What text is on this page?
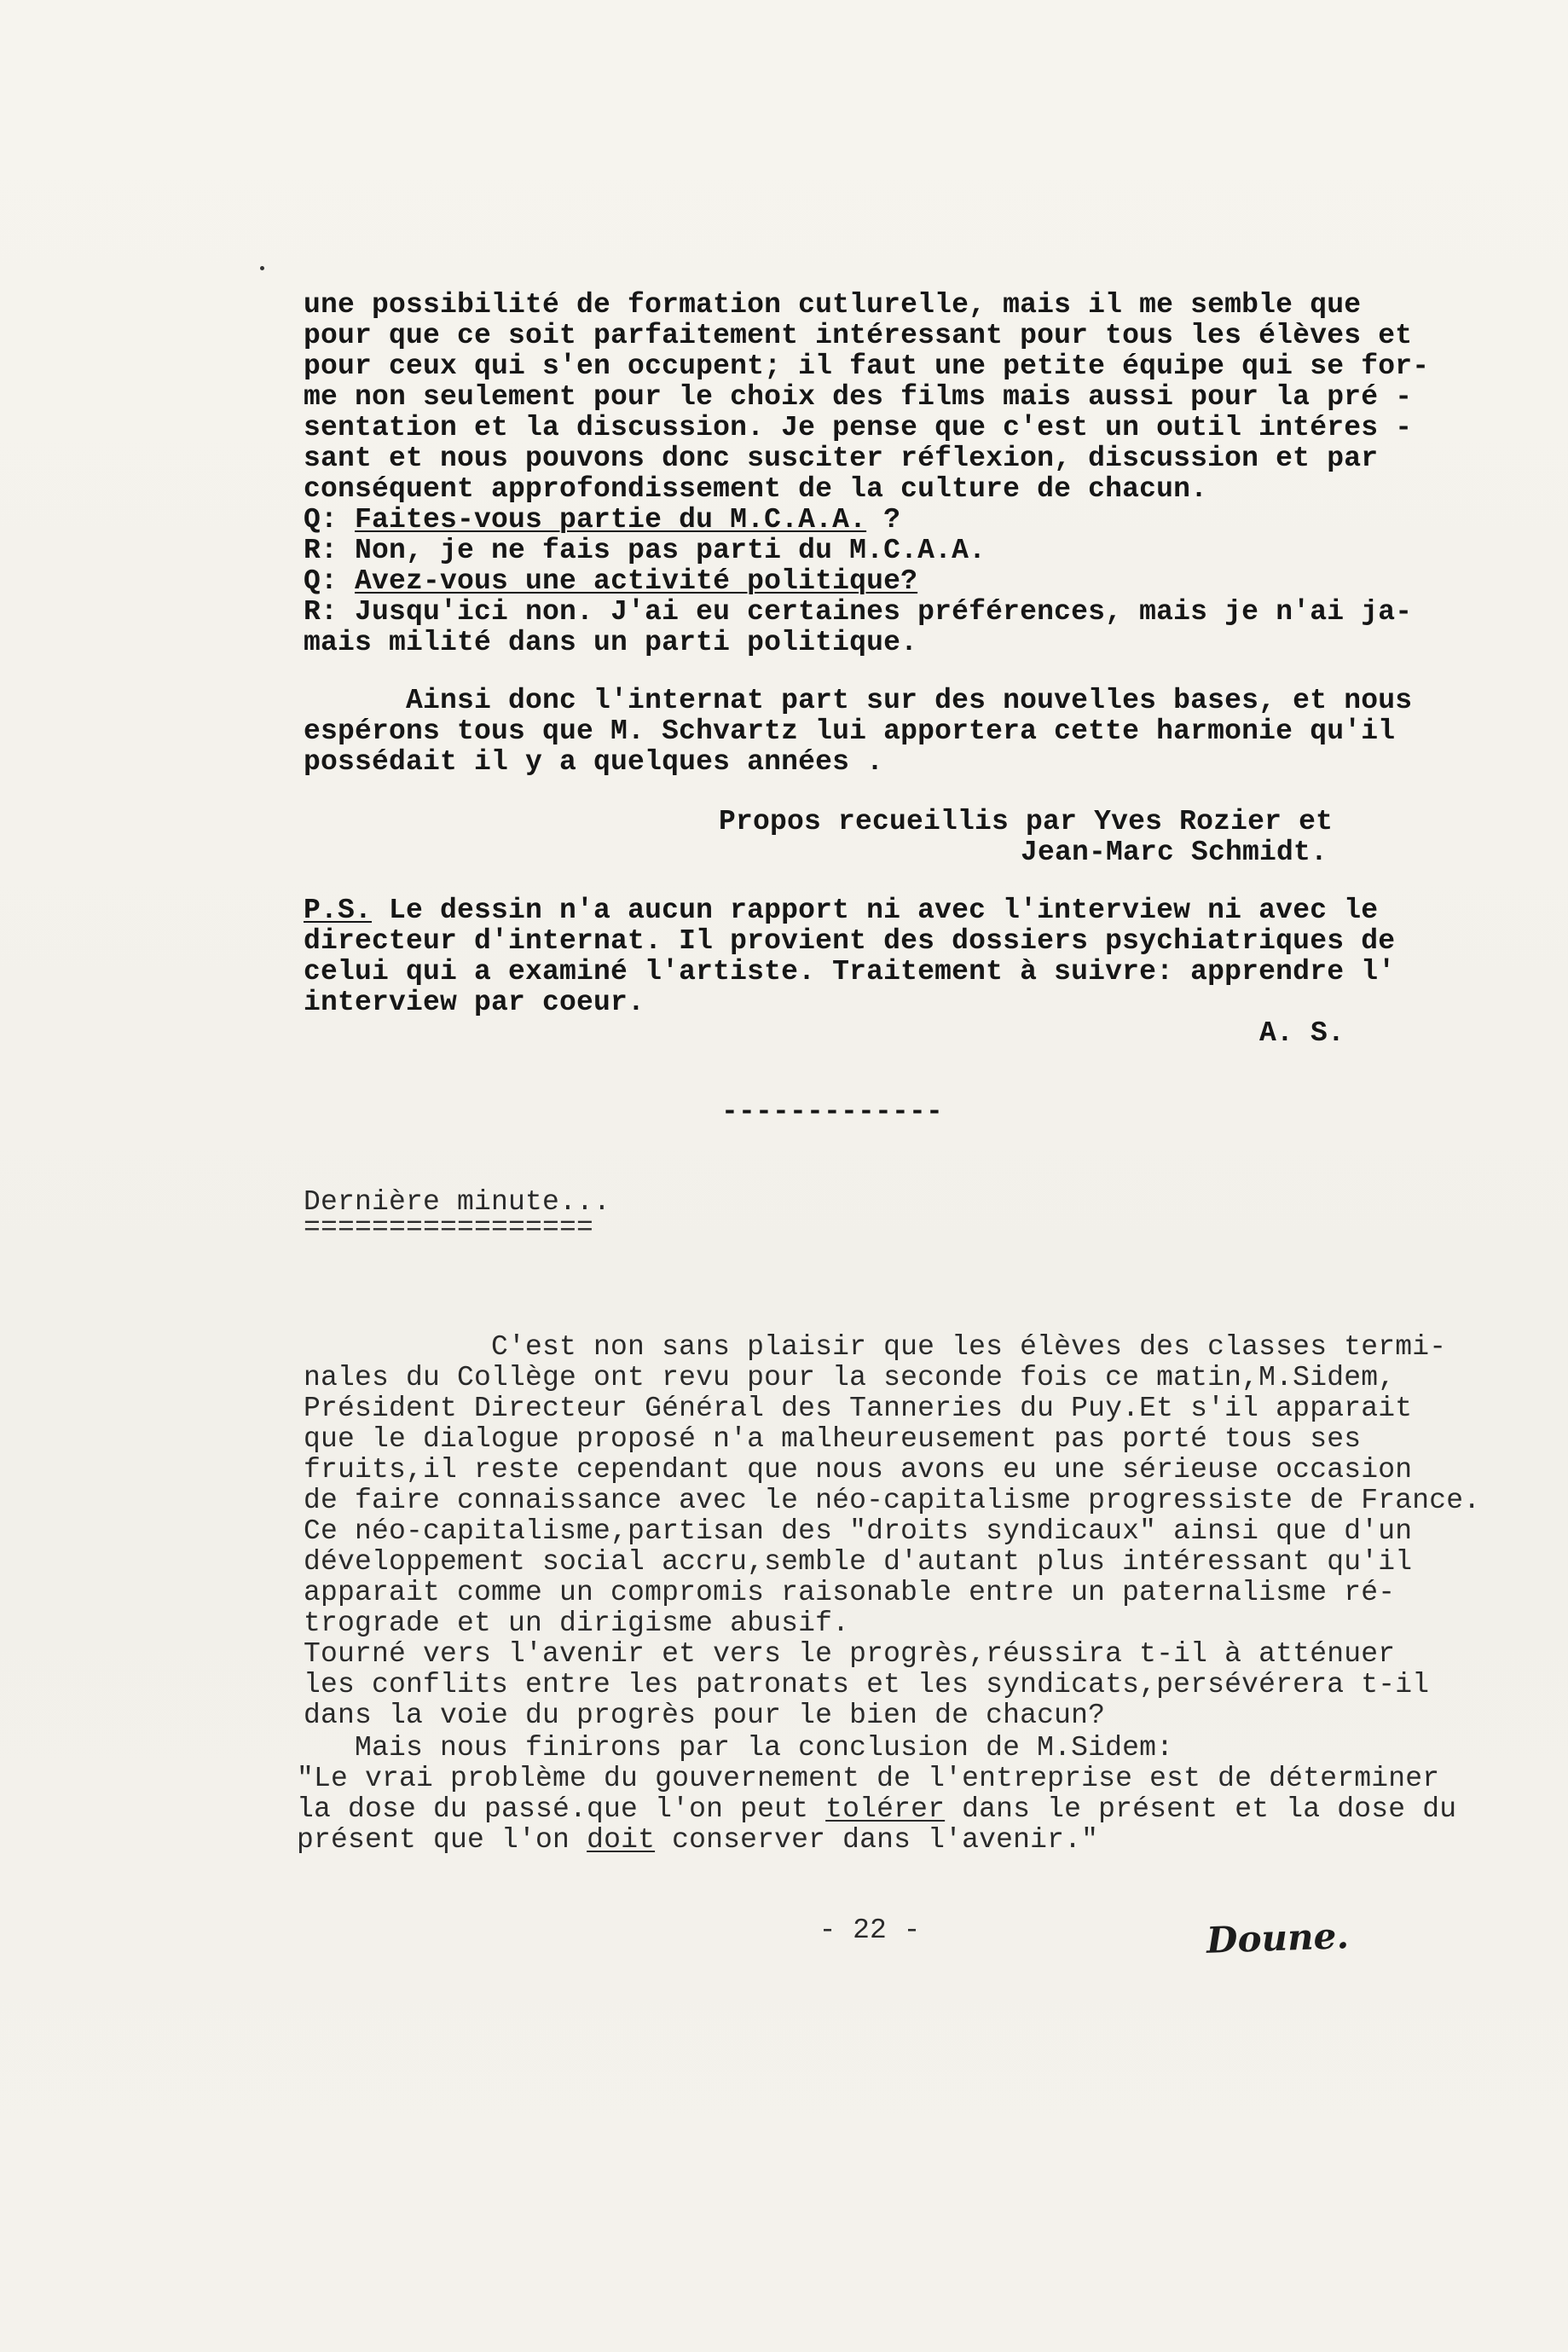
une possibilité de formation cutlurelle, mais il me semble que
pour que ce soit parfaitement intéressant pour tous les élèves et
pour ceux qui s'en occupent; il faut une petite équipe qui se for-
me non seulement pour le choix des films mais aussi pour la pré -
sentation et la discussion. Je pense que c'est un outil intéres -
sant et nous pouvons donc susciter réflexion, discussion et par
conséquent approfondissement de la culture de chacun.
Q: Faites-vous partie du M.C.A.A. ?
R: Non, je ne fais pas parti du M.C.A.A.
Q: Avez-vous une activité politique?
R: Jusqu'ici non. J'ai eu certaines préférences, mais je n'ai ja-
mais milité dans un parti politique.
Ainsi donc l'internat part sur des nouvelles bases, et nous
espérons tous que M. Schvartz lui apportera cette harmonie qu'il
possédait il y a quelques années .
Propos recueillis par Yves Rozier et
Jean-Marc Schmidt.
P.S. Le dessin n'a aucun rapport ni avec l'interview ni avec le
directeur d'internat. Il provient des dossiers psychiatriques de
celui qui a examiné l'artiste. Traitement à suivre: apprendre l'
interview par coeur.
A. S.
-------------
Dernière minute...
=================
C'est non sans plaisir que les élèves des classes termi-
nales du Collège ont revu pour la seconde fois ce matin,M.Sidem,
Président Directeur Général des Tanneries du Puy.Et s'il apparait
que le dialogue proposé n'a malheureusement pas porté tous ses
fruits,il reste cependant que nous avons eu une sérieuse occasion
de faire connaissance avec le néo-capitalisme progressiste de France.
Ce néo-capitalisme,partisan des "droits syndicaux" ainsi que d'un
développement social accru,semble d'autant plus intéressant qu'il
apparait comme un compromis raisonable entre un paternalisme ré-
trograde et un dirigisme abusif.
Tourné vers l'avenir et vers le progrès,réussira t-il à atténuer
les conflits entre les patronats et les syndicats,persévérera t-il
dans la voie du progrès pour le bien de chacun?
Mais nous finirons par la conclusion de M.Sidem:
"Le vrai problème du gouvernement de l'entreprise est de déterminer
la dose du passé.que l'on peut tolérer dans le présent et la dose du
présent que l'on doit conserver dans l'avenir."
- 22 -	Doune.
